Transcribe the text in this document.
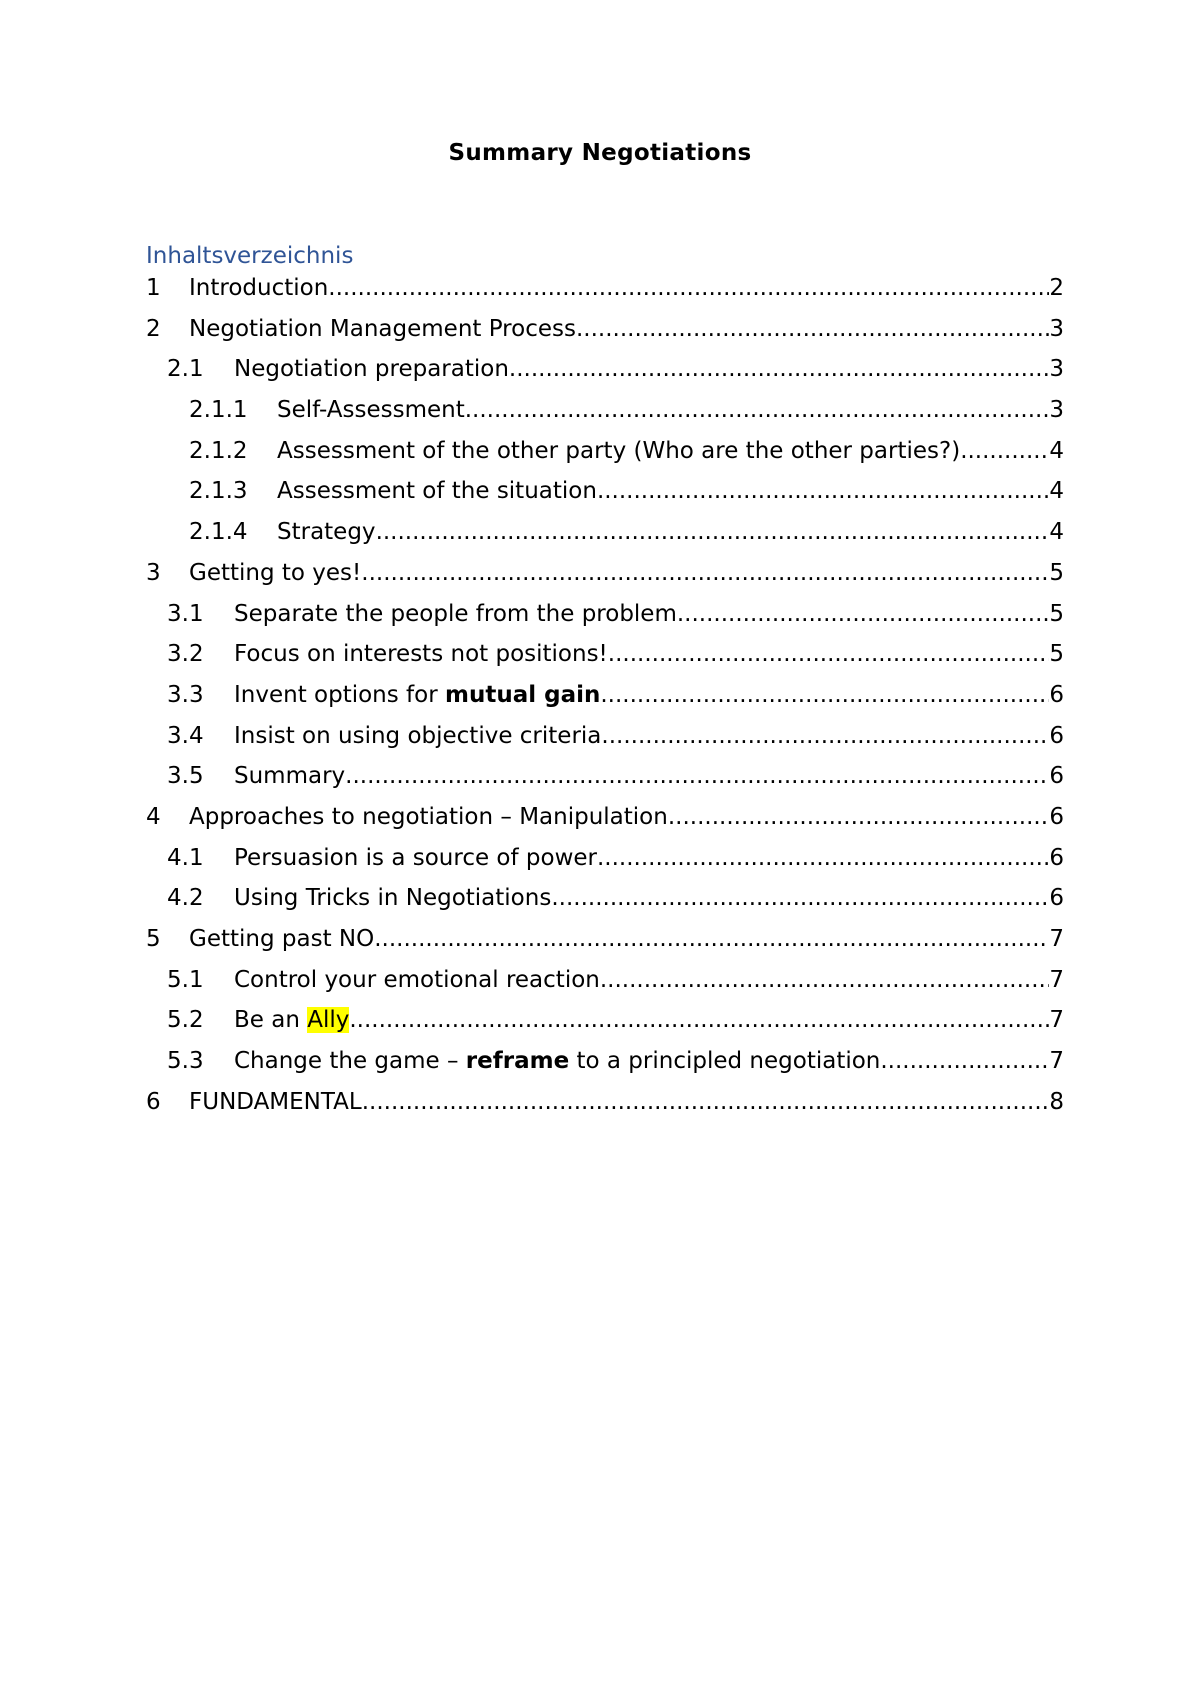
Summary Negotiations
Inhaltsverzeichnis
1	Introduction .....	2
2	Negotiation Management Process .....	3
2.1	Negotiation preparation .....	3
2.1.1	Self-Assessment .....	3
2.1.2	Assessment of the other party (Who are the other parties?) .....	4
2.1.3	Assessment of the situation .....	4
2.1.4	Strategy .....	4
3	Getting to yes! .....	5
3.1	Separate the people from the problem .....	5
3.2	Focus on interests not positions! .....	5
3.3	Invent options for mutual gain .....	6
3.4	Insist on using objective criteria .....	6
3.5	Summary .....	6
4	Approaches to negotiation – Manipulation .....	6
4.1	Persuasion is a source of power .....	6
4.2	Using Tricks in Negotiations .....	6
5	Getting past NO .....	7
5.1	Control your emotional reaction .....	7
5.2	Be an Ally .....	7
5.3	Change the game – reframe to a principled negotiation .....	7
6	FUNDAMENTAL .....	8
